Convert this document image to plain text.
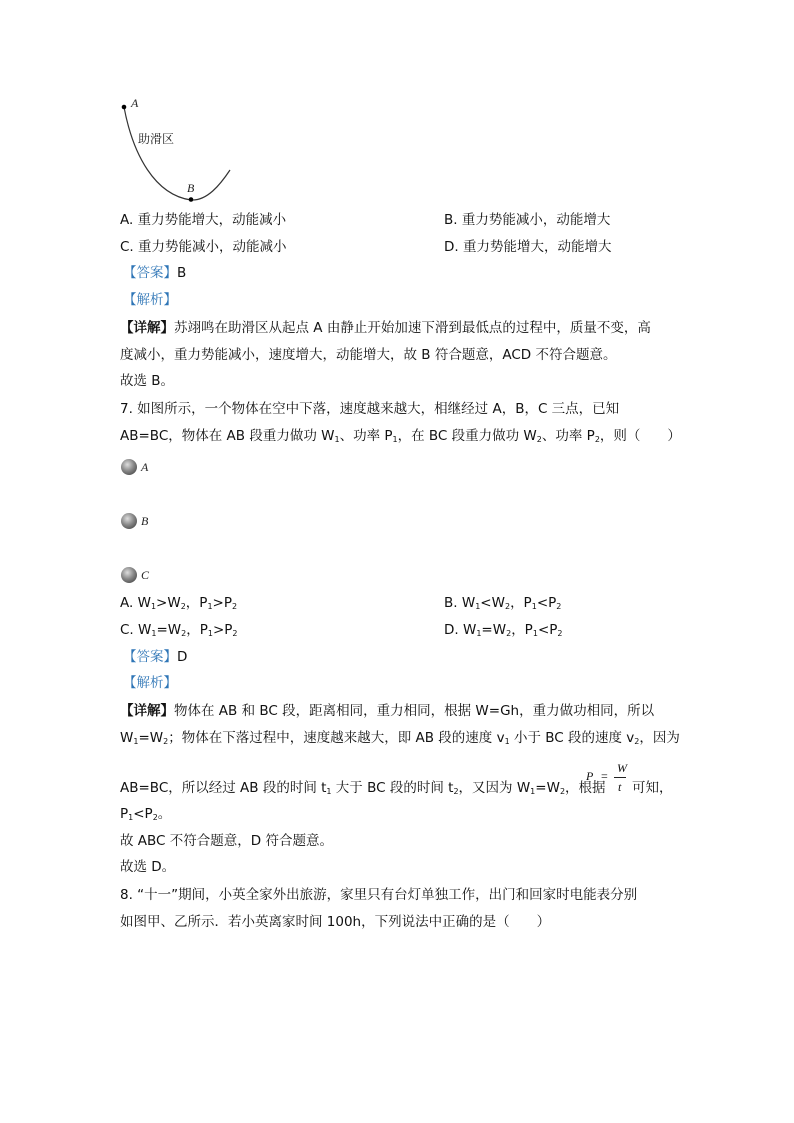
A
B
助滑区
A. 重力势能增大，动能减小	B. 重力势能减小，动能增大
C. 重力势能减小，动能减小	D. 重力势能增大，动能增大
【答案】B
【解析】
【详解】苏翊鸣在助滑区从起点 A 由静止开始加速下滑到最低点的过程中，质量不变，高
度减小，重力势能减小，速度增大，动能增大，故 B 符合题意，ACD 不符合题意。
故选 B。
7. 如图所示，一个物体在空中下落，速度越来越大，相继经过 A，B，C 三点，已知
AB=BC，物体在 AB 段重力做功 $W_1$、功率 $P_1$，在 BC 段重力做功 $W_2$、功率 $P_2$，则（　　）
A
B
C
A. $W_1>W_2$，$P_1>P_2$	B. $W_1<W_2$，$P_1<P_2$
C. $W_1=W_2$，$P_1>P_2$	D. $W_1=W_2$，$P_1<P_2$
【答案】D
【解析】
【详解】物体在 AB 和 BC 段，距离相同，重力相同，根据 W=Gh，重力做功相同，所以
$W_1=W_2$；物体在下落过程中，速度越来越大，即 AB 段的速度 $v_1$ 小于 BC 段的速度 $v_2$，因为
AB=BC，所以经过 AB 段的时间 $t_1$ 大于 BC 段的时间 $t_2$，又因为 $W_1=W_2$，根据
P =
W
t 可知，
$P_1<P_2$。
故 ABC 不符合题意，D 符合题意。
故选 D。
8. “十一”期间，小英全家外出旅游，家里只有台灯单独工作，出门和回家时电能表分别
如图甲、乙所示．若小英离家时间 100h，下列说法中正确的是（　　）
